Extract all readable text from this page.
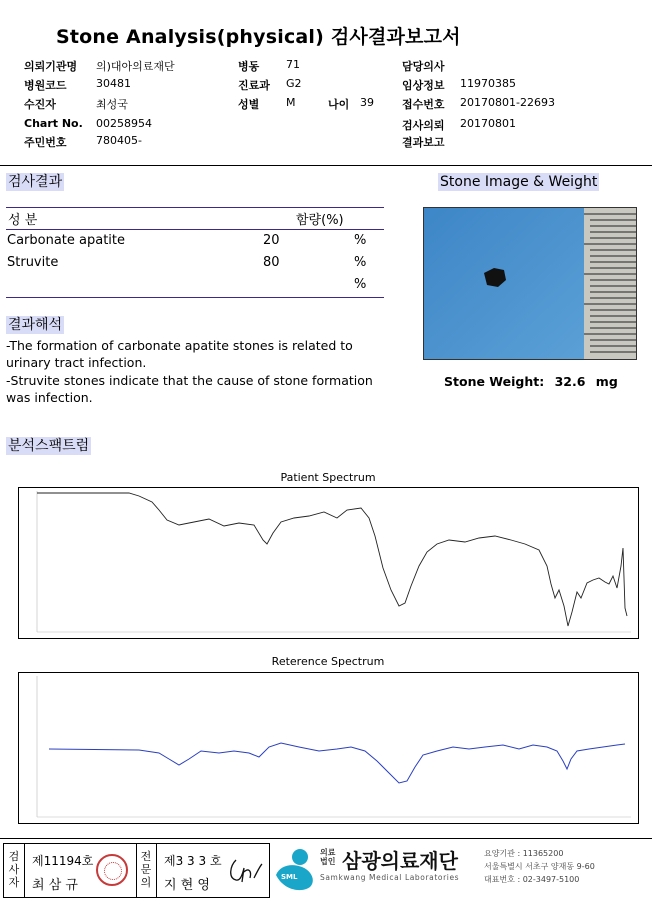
Stone Analysis(physical) 검사결과보고서
의뢰기관명 의)대아의료재단
병원코드	30481
수진자	최성국
Chart No. 00258954
주민번호	780405-
병동 71
진료과 G2
성별 M	나이 39
담당의사
임상정보 11970385
접수번호 20170801-22693
검사의뢰 20170801
결과보고
검사결과
성 분	함량(%)
Carbonate apatite	20	%
Struvite	80	%
%
Stone Image & Weight
Stone Weight: 32.6 mg
결과해석
-The formation of carbonate apatite stones is related to urinary tract infection.
-Struvite stones indicate that the cause of stone formation was infection.
분석스팩트럼
Patient Spectrum
Reterence Spectrum
검
사
자
제11194호
최 삼 규
전
문
의
제3 3 3 호
지 현 영
SML
의료
법인 삼광의료재단
Samkwang Medical Laboratories
요양기관 : 11365200
서울특별시 서초구 양재동 9-60
대표번호 : 02-3497-5100
